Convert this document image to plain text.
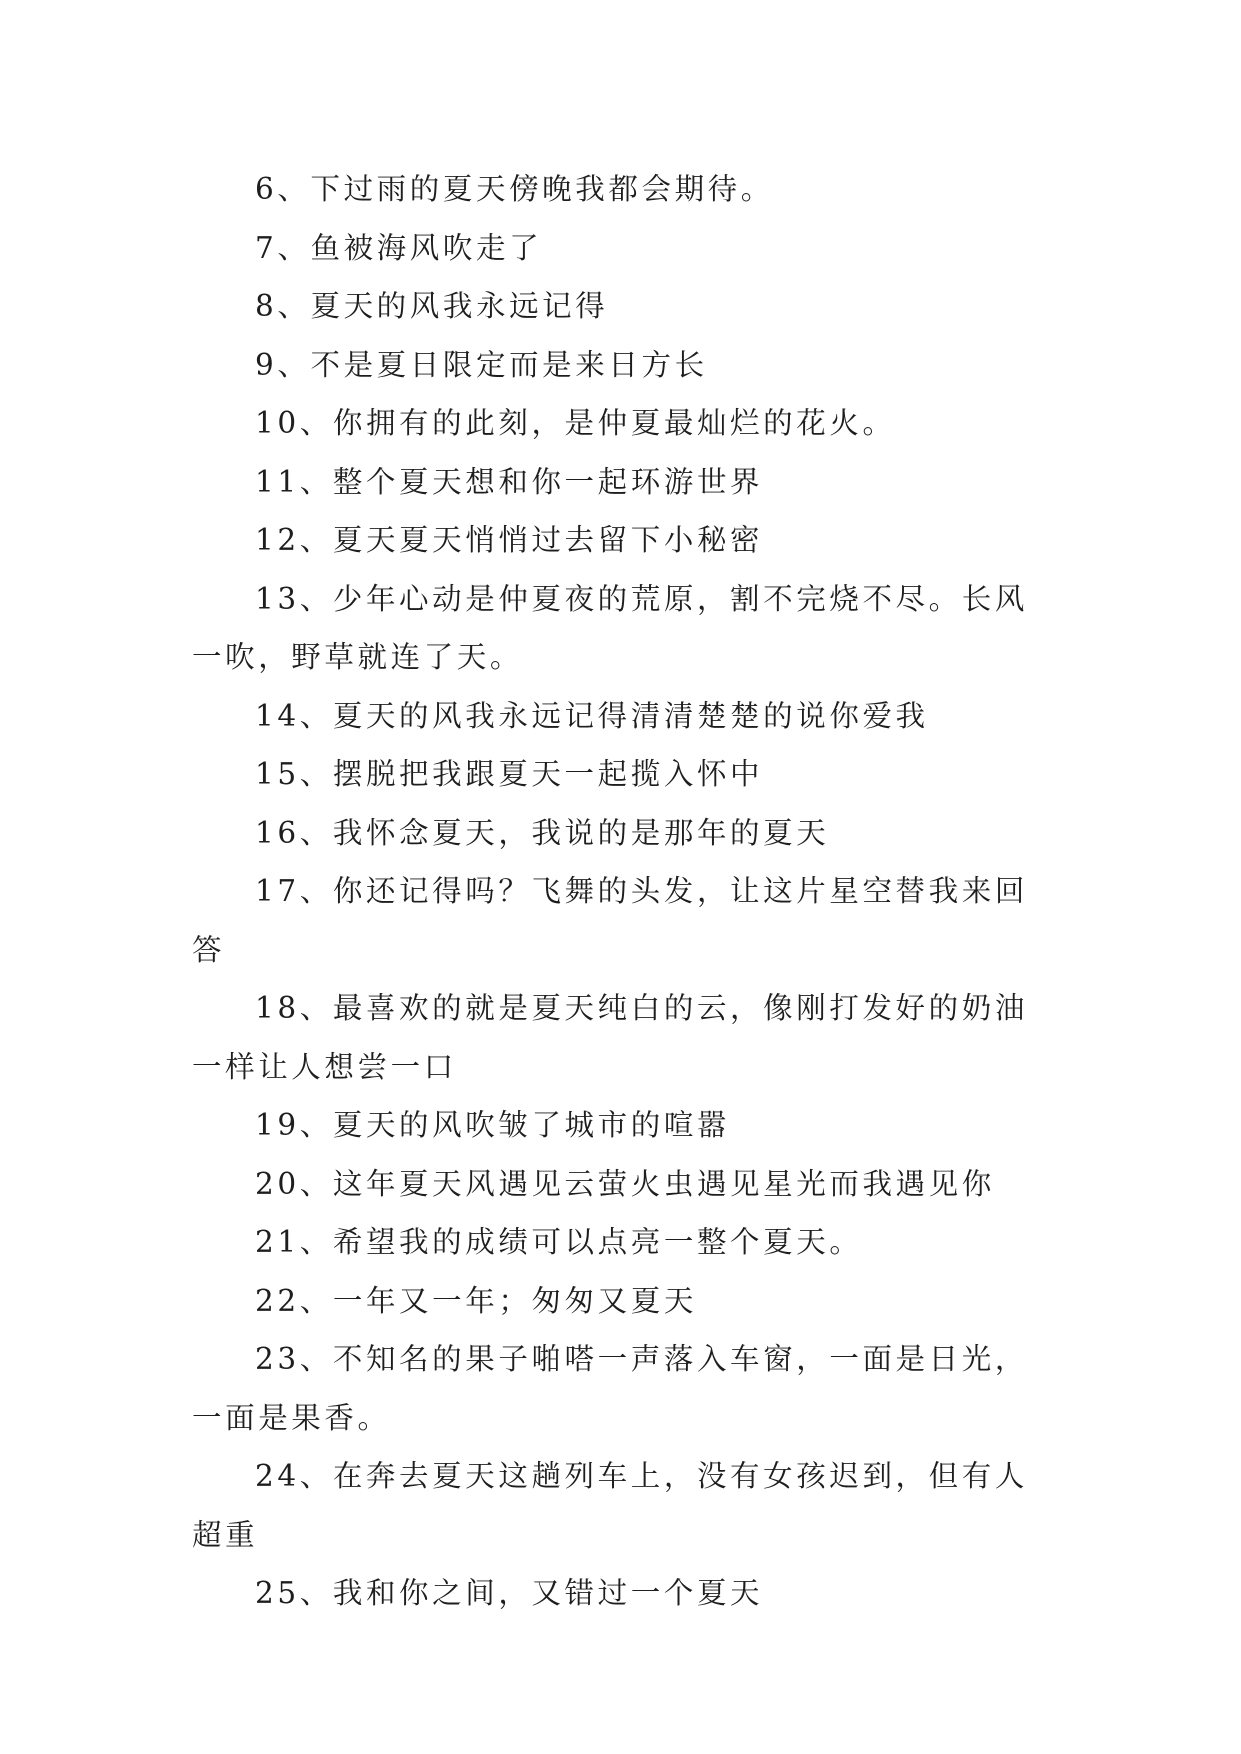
6、下过雨的夏天傍晚我都会期待。

7、鱼被海风吹走了

8、夏天的风我永远记得

9、不是夏日限定而是来日方长

10、你拥有的此刻，是仲夏最灿烂的花火。

11、整个夏天想和你一起环游世界

12、夏天夏天悄悄过去留下小秘密

13、少年心动是仲夏夜的荒原，割不完烧不尽。长风一吹，野草就连了天。

14、夏天的风我永远记得清清楚楚的说你爱我

15、摆脱把我跟夏天一起揽入怀中

16、我怀念夏天，我说的是那年的夏天

17、你还记得吗？飞舞的头发，让这片星空替我来回答

18、最喜欢的就是夏天纯白的云，像刚打发好的奶油一样让人想尝一口

19、夏天的风吹皱了城市的喧嚣

20、这年夏天风遇见云萤火虫遇见星光而我遇见你

21、希望我的成绩可以点亮一整个夏天。

22、一年又一年；匆匆又夏天

23、不知名的果子啪嗒一声落入车窗，一面是日光，一面是果香。

24、在奔去夏天这趟列车上，没有女孩迟到，但有人超重

25、我和你之间，又错过一个夏天
